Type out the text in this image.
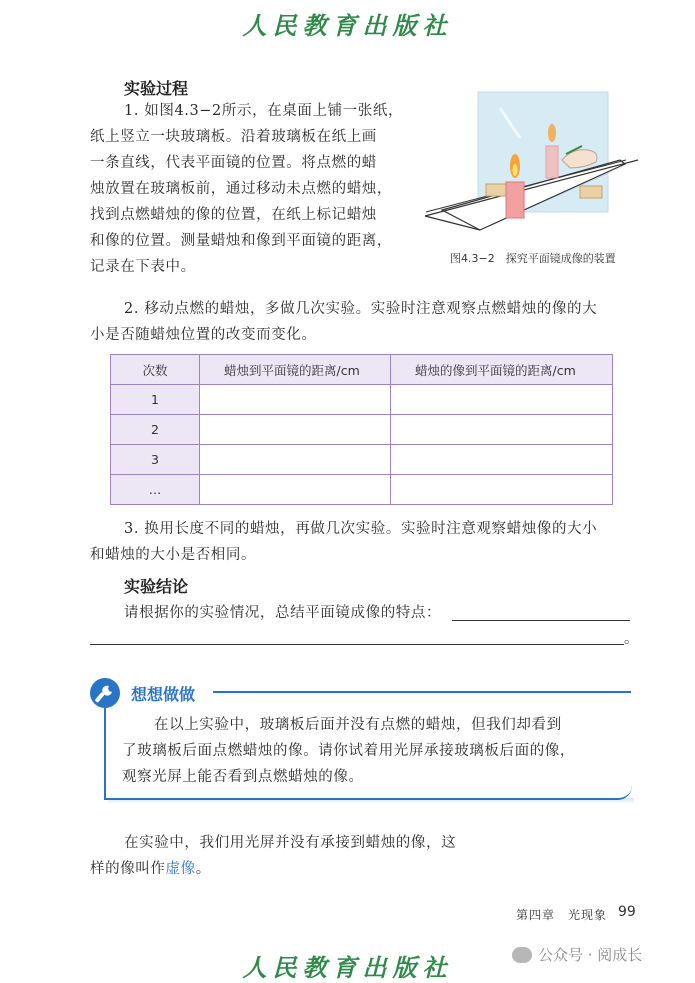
人民教育出版社
实验过程
1. 如图4.3−2所示，在桌面上铺一张纸，
纸上竖立一块玻璃板。沿着玻璃板在纸上画
一条直线，代表平面镜的位置。将点燃的蜡
烛放置在玻璃板前，通过移动未点燃的蜡烛，
找到点燃蜡烛的像的位置，在纸上标记蜡烛
和像的位置。测量蜡烛和像到平面镜的距离，
记录在下表中。
图4.3−2　探究平面镜成像的装置
2. 移动点燃的蜡烛，多做几次实验。实验时注意观察点燃蜡烛的像的大
小是否随蜡烛位置的改变而变化。
次数	蜡烛到平面镜的距离/cm	蜡烛的像到平面镜的距离/cm
1		
2		
3		
…		
3. 换用长度不同的蜡烛，再做几次实验。实验时注意观察蜡烛像的大小
和蜡烛的大小是否相同。
实验结论
请根据你的实验情况，总结平面镜成像的特点：
。
想想做做
在以上实验中，玻璃板后面并没有点燃的蜡烛，但我们却看到
了玻璃板后面点燃蜡烛的像。请你试着用光屏承接玻璃板后面的像，
观察光屏上能否看到点燃蜡烛的像。
在实验中，我们用光屏并没有承接到蜡烛的像，这
样的像叫作虚像。
第四章　光现象 99
人民教育出版社	公众号 · 阅成长
